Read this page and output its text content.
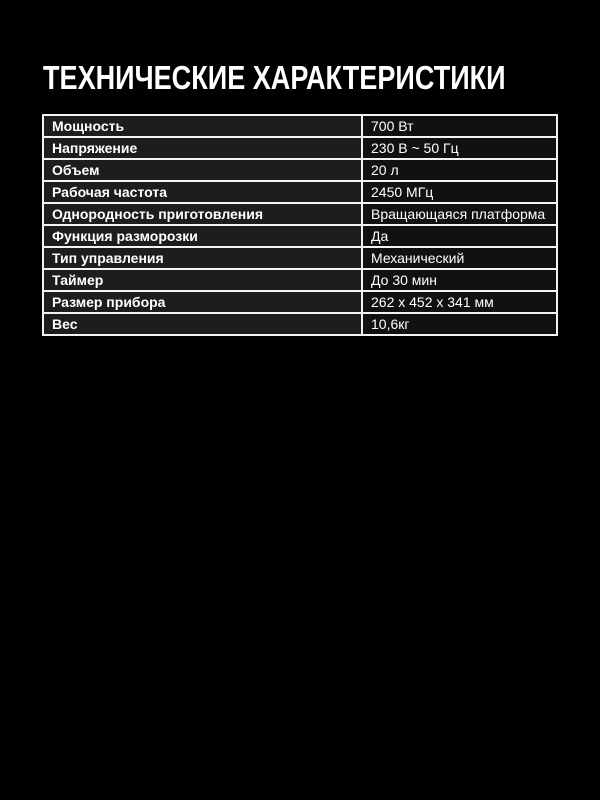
ТЕХНИЧЕСКИЕ ХАРАКТЕРИСТИКИ
Мощность	700 Вт
Напряжение	230 В ~ 50 Гц
Объем	20 л
Рабочая частота	2450 МГц
Однородность приготовления	Вращающаяся платформа
Функция разморозки	Да
Тип управления	Механический
Таймер	До 30 мин
Размер прибора	262 x 452 x 341 мм
Вес	10,6кг
